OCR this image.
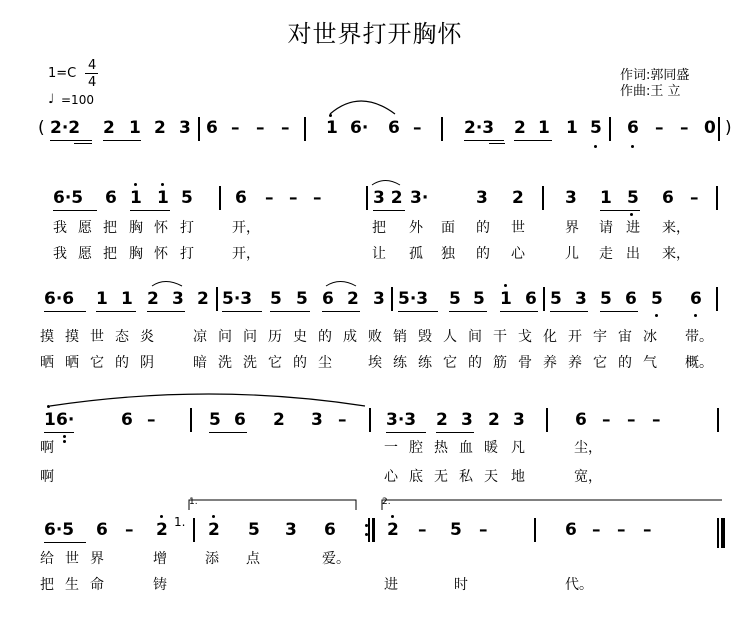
对世界打开胸怀
1=C
4
4
♩ =100
作词:郭同盛
作曲:王 立
( 2·2 2 1 2 3 6 – – – 1 6· 6 –	2·3 2 1 1 5 6 – – 0 )
6·5 6 1 1 5 6 – – –	3 2 3·	3 2 3 1 5 6 –
我 愿 把 胸 怀 打	开，	把 外 面 的 世	界 请 进 来，
我 愿 把 胸 怀 打	开，	让 孤 独 的 心	儿 走 出 来，
6·6 1 1 2 3 2 5·3 5 5 6 2 3 5·3 5 5 1 6 5 3 5 6 5 6
摸 摸 世 态 炎	凉 问 问 历 史 的 成 败 销 毁 人 间 干 戈 化 开 宇 宙 冰 带。
晒 晒 它 的 阴	暗 洗 洗 它 的 尘	埃 练 练 它 的 筋 骨 养 养 它 的 气 概。
1 6·	6 –	5 6 2 3 – 3·3 2 3 2 3	6 – – –
啊	一 腔 热 血 暖 凡	尘，
啊	心 底 无 私 天 地	宽，
1.	2.
6·5 6 – 2 1. 2 5 3 6	2 – 5 –	6 – – –
给 世 界	增	添 点	爱。
把 生 命	铸	进	时	代。
